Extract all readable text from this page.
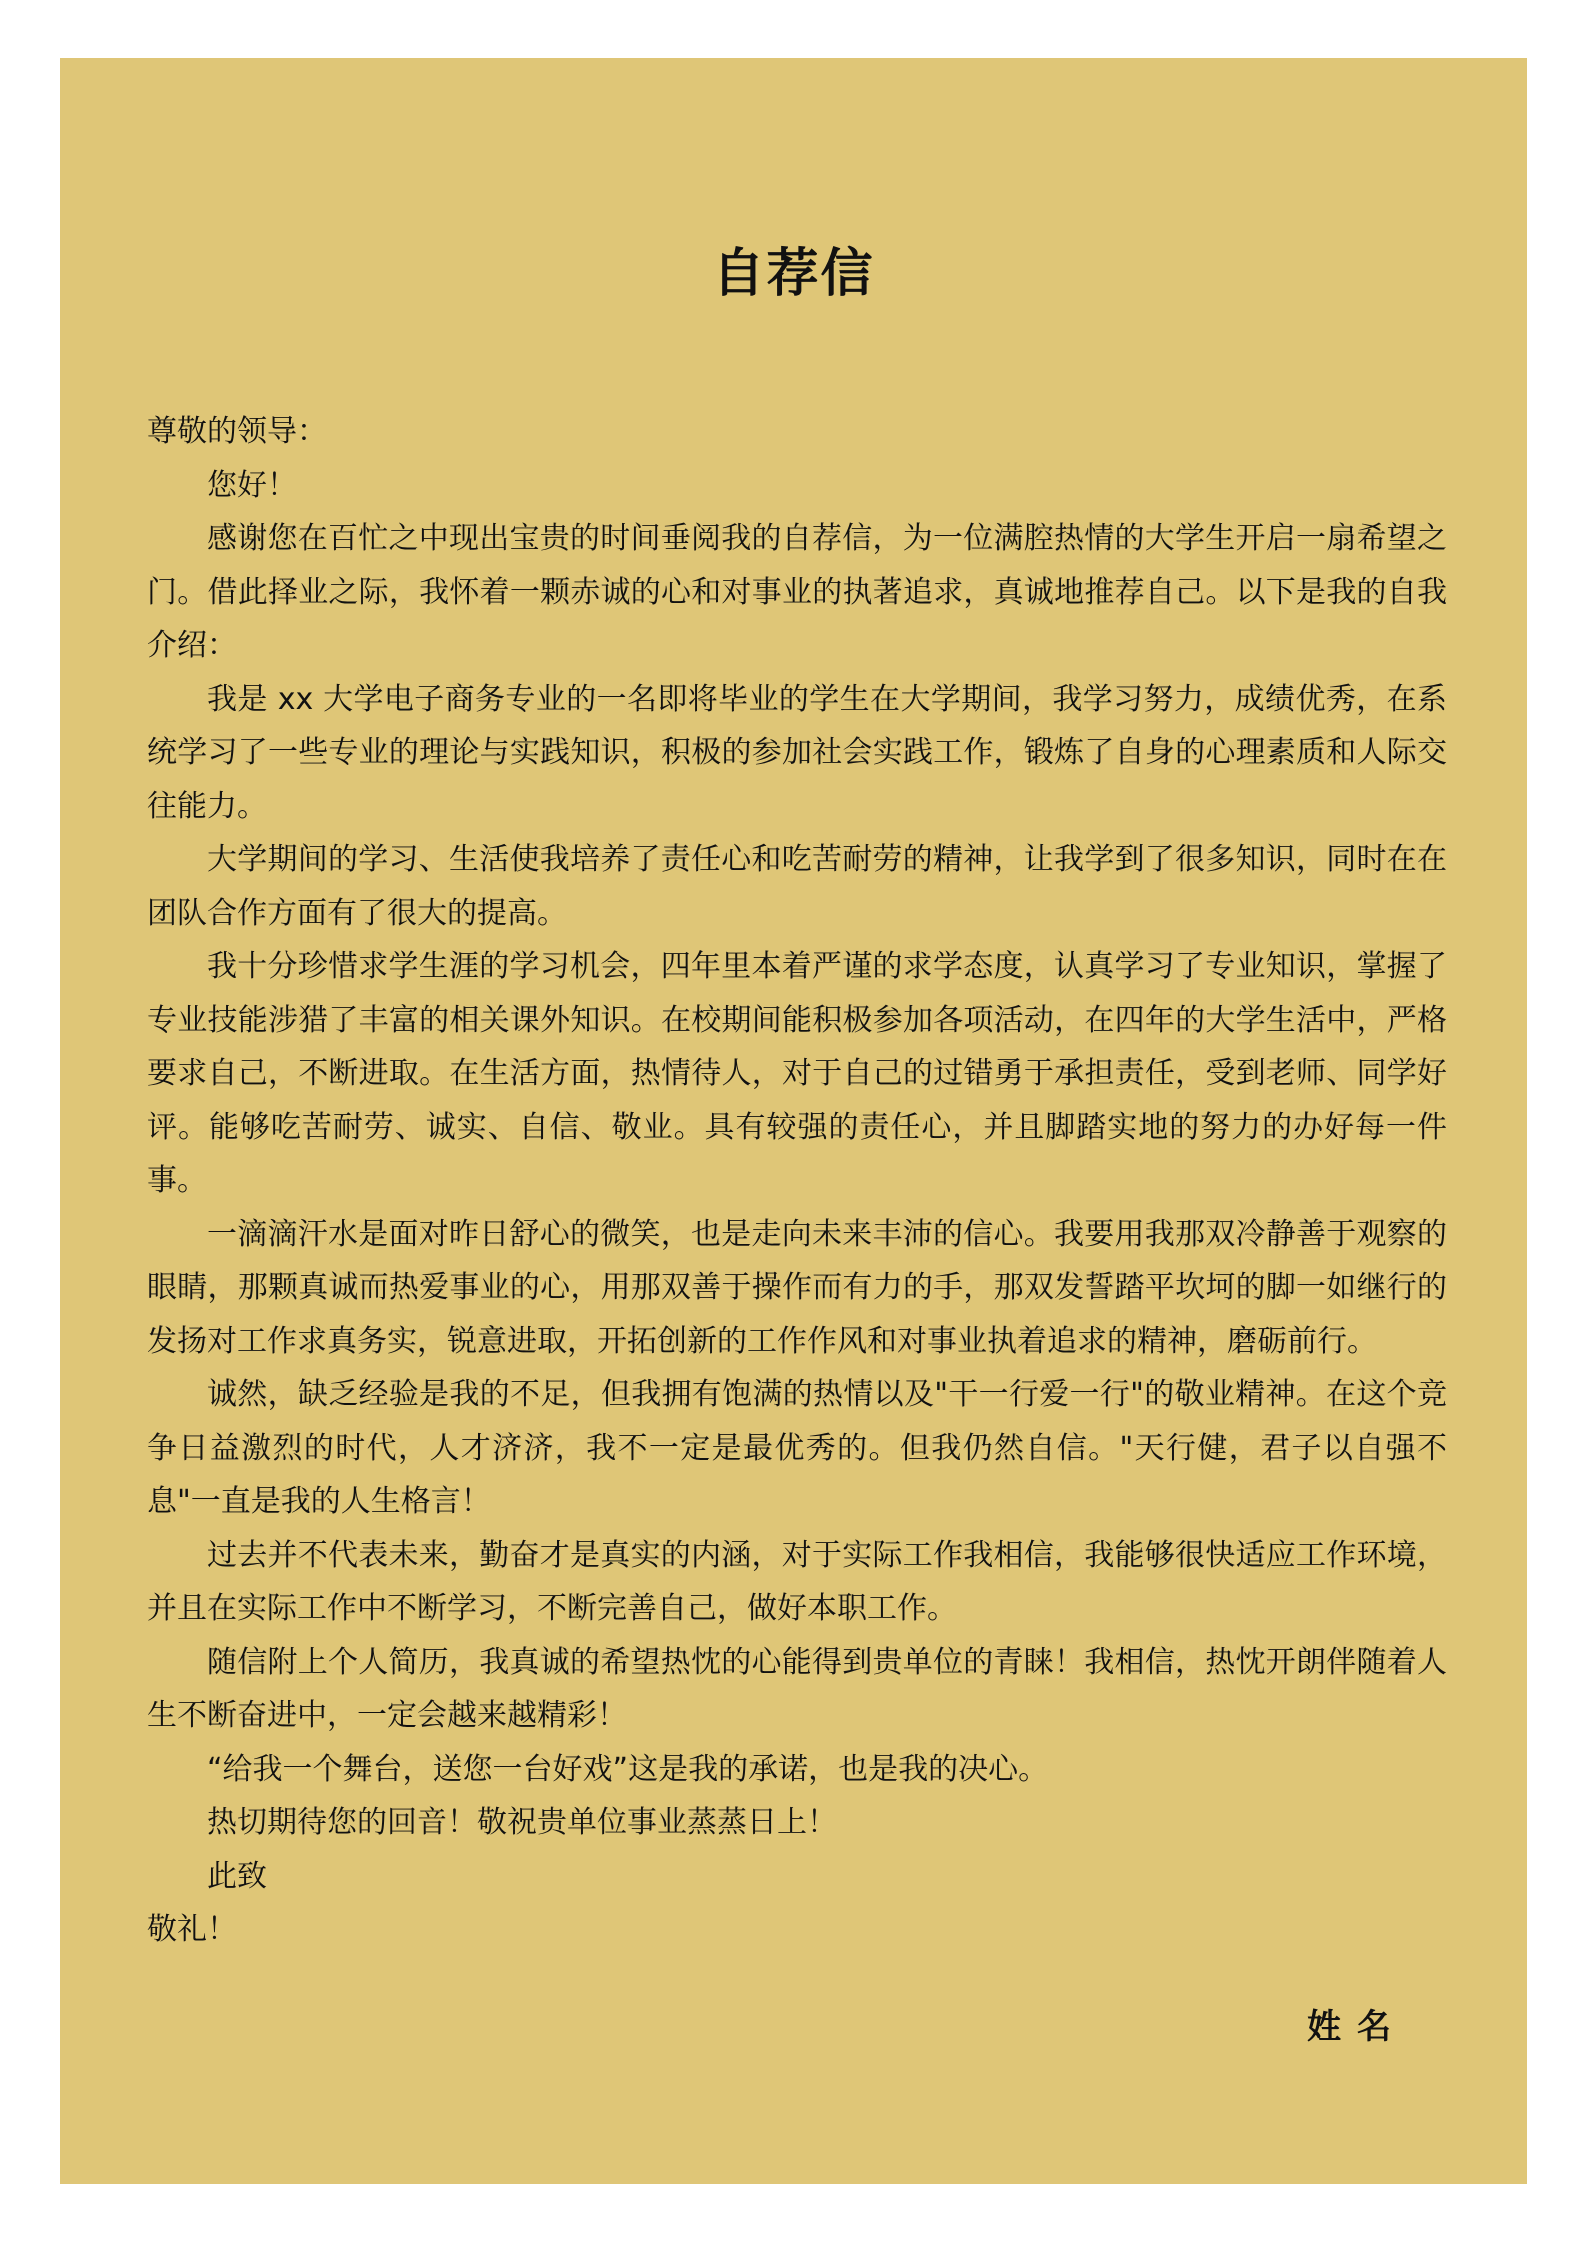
自荐信

尊敬的领导：

您好！

感谢您在百忙之中现出宝贵的时间垂阅我的自荐信，为一位满腔热情的大学生开启一扇希望之门。借此择业之际，我怀着一颗赤诚的心和对事业的执著追求，真诚地推荐自己。以下是我的自我介绍：

我是 xx 大学电子商务专业的一名即将毕业的学生在大学期间，我学习努力，成绩优秀，在系统学习了一些专业的理论与实践知识，积极的参加社会实践工作，锻炼了自身的心理素质和人际交往能力。

大学期间的学习、生活使我培养了责任心和吃苦耐劳的精神，让我学到了很多知识，同时在在团队合作方面有了很大的提高。

我十分珍惜求学生涯的学习机会，四年里本着严谨的求学态度，认真学习了专业知识，掌握了专业技能涉猎了丰富的相关课外知识。在校期间能积极参加各项活动，在四年的大学生活中，严格要求自己，不断进取。在生活方面，热情待人，对于自己的过错勇于承担责任，受到老师、同学好评。能够吃苦耐劳、诚实、自信、敬业。具有较强的责任心，并且脚踏实地的努力的办好每一件事。

一滴滴汗水是面对昨日舒心的微笑，也是走向未来丰沛的信心。我要用我那双冷静善于观察的眼睛，那颗真诚而热爱事业的心，用那双善于操作而有力的手，那双发誓踏平坎坷的脚一如继行的发扬对工作求真务实，锐意进取，开拓创新的工作作风和对事业执着追求的精神，磨砺前行。

诚然，缺乏经验是我的不足，但我拥有饱满的热情以及"干一行爱一行"的敬业精神。在这个竞争日益激烈的时代，人才济济，我不一定是最优秀的。但我仍然自信。"天行健，君子以自强不息"一直是我的人生格言！

过去并不代表未来，勤奋才是真实的内涵，对于实际工作我相信，我能够很快适应工作环境，并且在实际工作中不断学习，不断完善自己，做好本职工作。

随信附上个人简历，我真诚的希望热忱的心能得到贵单位的青睐！我相信，热忱开朗伴随着人生不断奋进中，一定会越来越精彩！

“给我一个舞台，送您一台好戏”这是我的承诺，也是我的决心。

热切期待您的回音！敬祝贵单位事业蒸蒸日上！

此致

敬礼！

姓名
